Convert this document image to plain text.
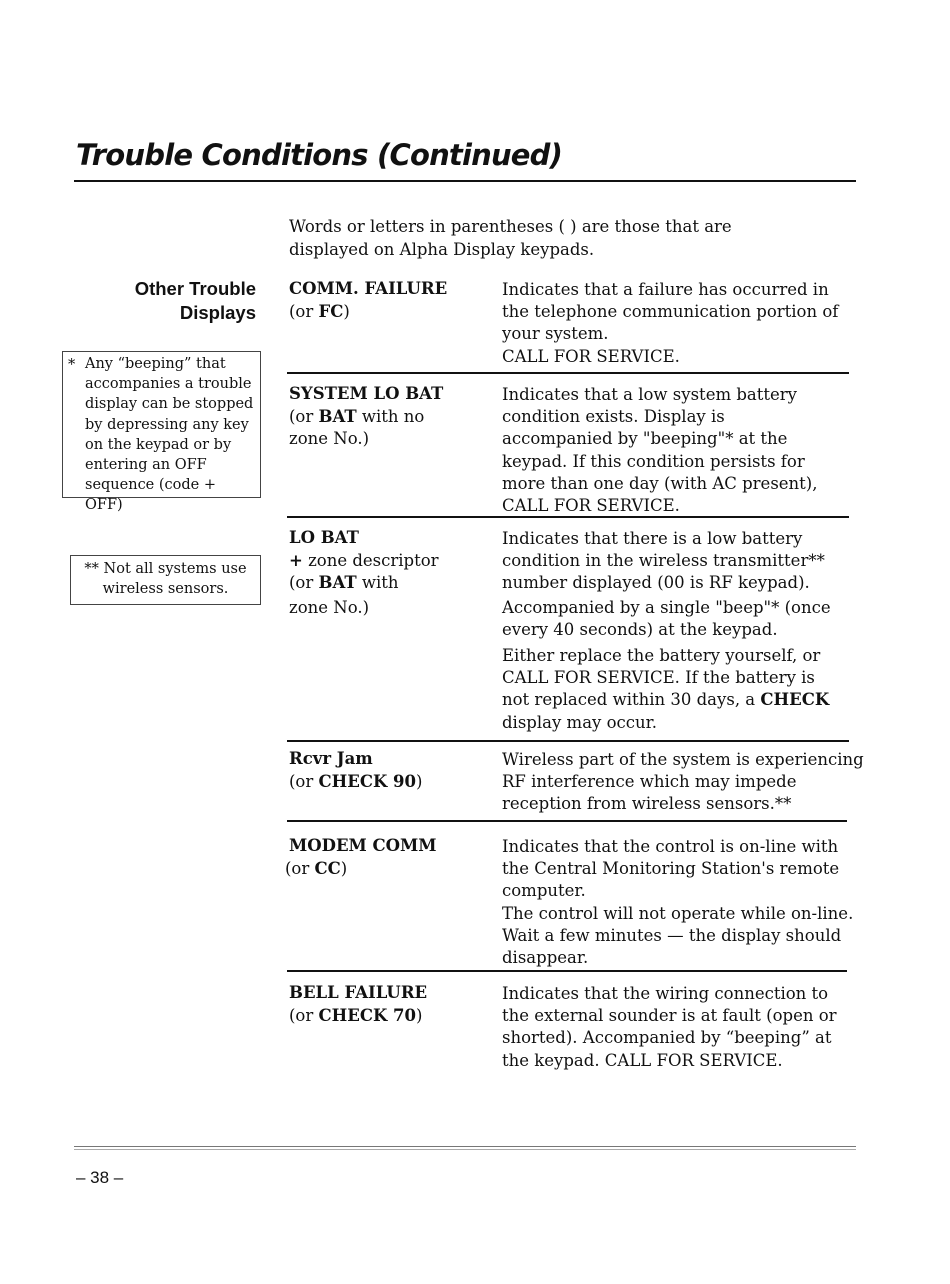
Trouble Conditions (Continued)
Words or letters in parentheses ( ) are those that are displayed on Alpha Display keypads.
Other Trouble
Displays
* Any “beeping” that accompanies a trouble display can be stopped by depressing any key on the keypad or by entering an OFF sequence (code + OFF)
** Not all systems use wireless sensors.
COMM. FAILURE
(or FC)
Indicates that a failure has occurred in
the telephone communication portion of
your system.
CALL FOR SERVICE.
SYSTEM LO BAT
(or BAT with no
zone No.)
Indicates that a low system battery
condition exists. Display is
accompanied by "beeping"* at the
keypad. If this condition persists for
more than one day (with AC present),
CALL FOR SERVICE.
LO BAT
+ zone descriptor
(or BAT with
zone No.)
Indicates that there is a low battery
condition in the wireless transmitter**
number displayed (00 is RF keypad).
Accompanied by a single "beep"* (once
every 40 seconds) at the keypad.
Either replace the battery yourself, or
CALL FOR SERVICE. If the battery is
not replaced within 30 days, a CHECK
display may occur.
Rcvr Jam
(or CHECK 90)
Wireless part of the system is experiencing
RF interference which may impede
reception from wireless sensors.**
MODEM COMM
(or CC)
Indicates that the control is on-line with
the Central Monitoring Station's remote
computer.
The control will not operate while on-line.
Wait a few minutes — the display should
disappear.
BELL FAILURE
(or CHECK 70)
Indicates that the wiring connection to
the external sounder is at fault (open or
shorted). Accompanied by “beeping” at
the keypad. CALL FOR SERVICE.
– 38 –
